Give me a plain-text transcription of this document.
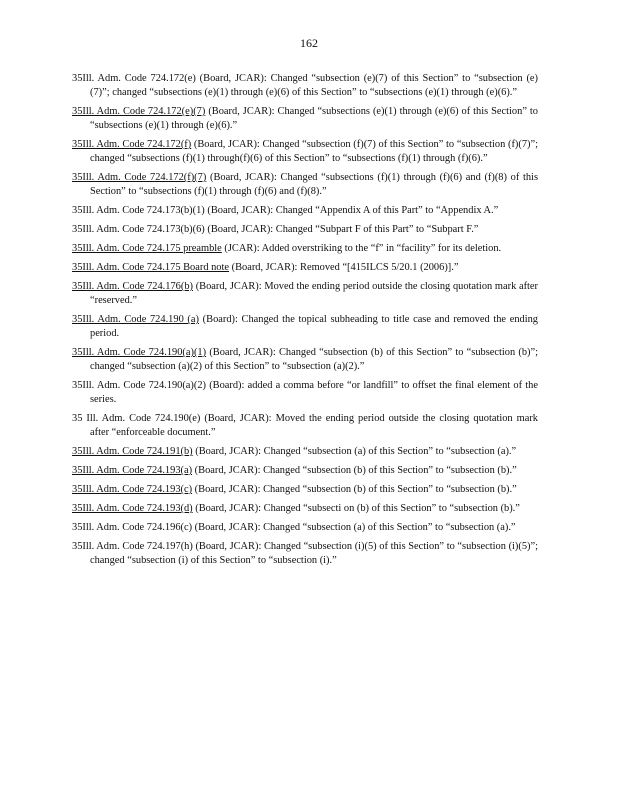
162

35Ill. Adm. Code 724.172(e) (Board, JCAR): Changed “subsection (e)(7) of this Section” to “subsection (e)(7)”; changed “subsections (e)(1) through (e)(6) of this Section” to “subsections (e)(1) through (e)(6).”

35Ill. Adm. Code 724.172(e)(7) (Board, JCAR): Changed “subsections (e)(1) through (e)(6) of this Section” to “subsections (e)(1) through (e)(6).”

35Ill. Adm. Code 724.172(f) (Board, JCAR): Changed “subsection (f)(7) of this Section” to “subsection (f)(7)”; changed “subsections (f)(1) through(f)(6) of this Section” to “subsections (f)(1) through (f)(6).”

35Ill. Adm. Code 724.172(f)(7) (Board, JCAR): Changed “subsections (f)(1) through (f)(6) and (f)(8) of this Section” to “subsections (f)(1) through (f)(6) and (f)(8).”

35Ill. Adm. Code 724.173(b)(1) (Board, JCAR): Changed “Appendix A of this Part” to “Appendix A.”

35Ill. Adm. Code 724.173(b)(6) (Board, JCAR): Changed “Subpart F of this Part” to “Subpart F.”

35Ill. Adm. Code 724.175 preamble (JCAR): Added overstriking to the “f” in “facility” for its deletion.

35Ill. Adm. Code 724.175 Board note (Board, JCAR): Removed “[415ILCS 5/20.1 (2006)].”

35Ill. Adm. Code 724.176(b) (Board, JCAR): Moved the ending period outside the closing quotation mark after “reserved.”

35Ill. Adm. Code 724.190 (a) (Board): Changed the topical subheading to title case and removed the ending period.

35Ill. Adm. Code 724.190(a)(1) (Board, JCAR): Changed “subsection (b) of this Section” to “subsection (b)”; changed “subsection (a)(2) of this Section” to “subsection (a)(2).”

35Ill. Adm. Code 724.190(a)(2) (Board): added a comma before “or landfill” to offset the final element of the series.

35 Ill. Adm. Code 724.190(e) (Board, JCAR): Moved the ending period outside the closing quotation mark after “enforceable document.”

35Ill. Adm. Code 724.191(b) (Board, JCAR): Changed “subsection (a) of this Section” to “subsection (a).”

35Ill. Adm. Code 724.193(a) (Board, JCAR): Changed “subsection (b) of this Section” to “subsection (b).”

35Ill. Adm. Code 724.193(c) (Board, JCAR): Changed “subsection (b) of this Section” to “subsection (b).”

35Ill. Adm. Code 724.193(d) (Board, JCAR): Changed “subsecti on (b) of this Section” to “subsection (b).”

35Ill. Adm. Code 724.196(c) (Board, JCAR): Changed “subsection (a) of this Section” to “subsection (a).”

35Ill. Adm. Code 724.197(h) (Board, JCAR): Changed “subsection (i)(5) of this Section” to “subsection (i)(5)”; changed “subsection (i) of this Section” to “subsection (i).”
